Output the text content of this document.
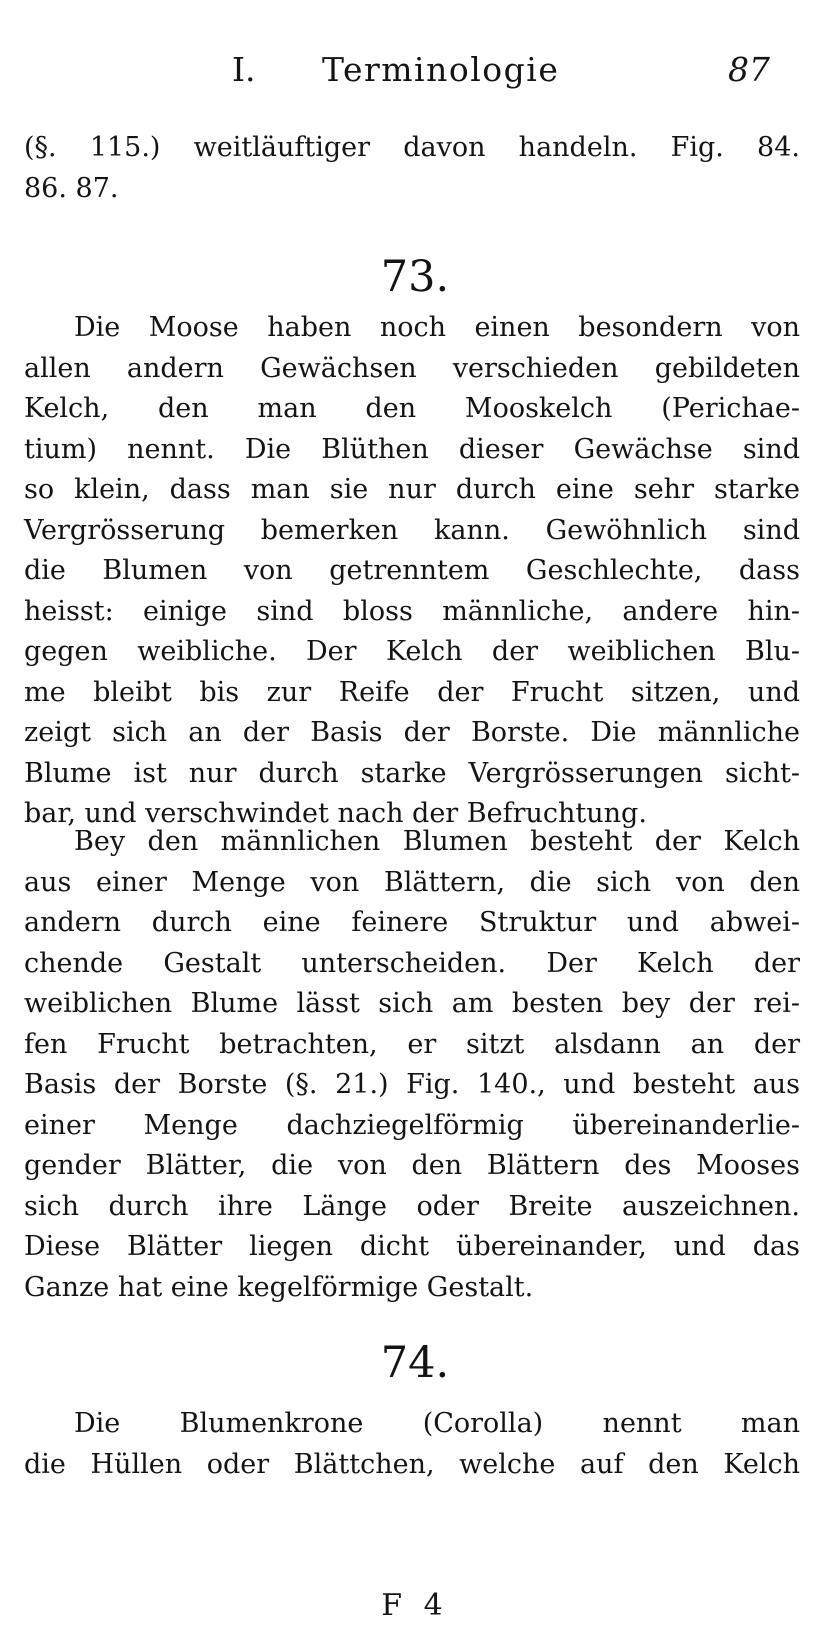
I. Terminologie	87
(§. 115.) weitläuftiger davon handeln. Fig. 84.
86. 87.
73.
Die Moose haben noch einen besondern von
allen andern Gewächsen verschieden gebildeten
Kelch, den man den Mooskelch (Perichae-
tium) nennt. Die Blüthen dieser Gewächse sind
so klein, dass man sie nur durch eine sehr starke
Vergrösserung bemerken kann. Gewöhnlich sind
die Blumen von getrenntem Geschlechte, dass
heisst: einige sind bloss männliche, andere hin-
gegen weibliche. Der Kelch der weiblichen Blu-
me bleibt bis zur Reife der Frucht sitzen, und
zeigt sich an der Basis der Borste. Die männliche
Blume ist nur durch starke Vergrösserungen sicht-
bar, und verschwindet nach der Befruchtung.
Bey den männlichen Blumen besteht der Kelch
aus einer Menge von Blättern, die sich von den
andern durch eine feinere Struktur und abwei-
chende Gestalt unterscheiden. Der Kelch der
weiblichen Blume lässt sich am besten bey der rei-
fen Frucht betrachten, er sitzt alsdann an der
Basis der Borste (§. 21.) Fig. 140., und besteht aus
einer Menge dachziegelförmig übereinanderlie-
gender Blätter, die von den Blättern des Mooses
sich durch ihre Länge oder Breite auszeichnen.
Diese Blätter liegen dicht übereinander, und das
Ganze hat eine kegelförmige Gestalt.
74.
Die Blumenkrone (Corolla) nennt man
die Hüllen oder Blättchen, welche auf den Kelch
F 4
